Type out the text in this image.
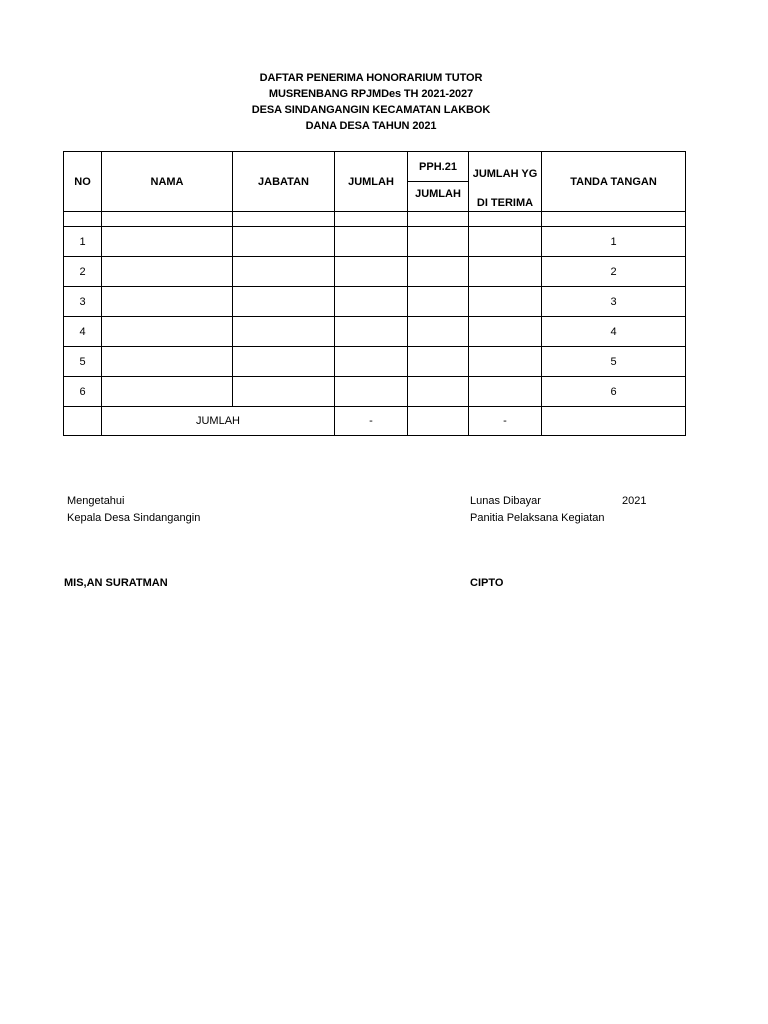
DAFTAR PENERIMA HONORARIUM TUTOR
MUSRENBANG RPJMDes TH 2021-2027
DESA SINDANGANGIN KECAMATAN LAKBOK
DANA DESA TAHUN 2021
NO	NAMA	JABATAN	JUMLAH	PPH.21	JUMLAH YG	TANDA TANGAN
				JUMLAH	DI TERIMA	

1						1
2						2
3						3
4						4
5						5
6						6
	JUMLAH		-		-	
Mengetahui
Kepala Desa Sindangangin
MIS,AN SURATMAN
Lunas Dibayar
Panitia Pelaksana Kegiatan
2021
CIPTO
